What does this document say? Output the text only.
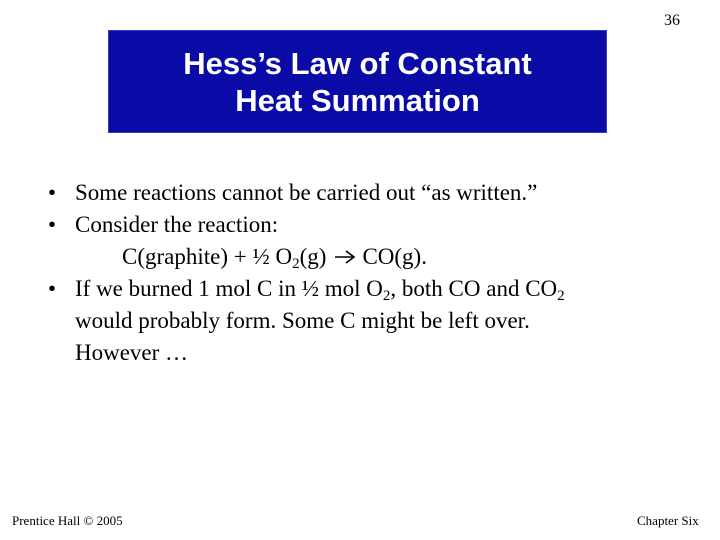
36
Hess’s Law of Constant
Heat Summation
• Some reactions cannot be carried out “as written.”
• Consider the reaction:
C(graphite) + ½ $O_2(g)$ CO(g).
• If we burned 1 mol C in ½ mol $O_2$, both CO and $CO_2$
would probably form. Some C might be left over.
However …
Prentice Hall © 2005	Chapter Six
